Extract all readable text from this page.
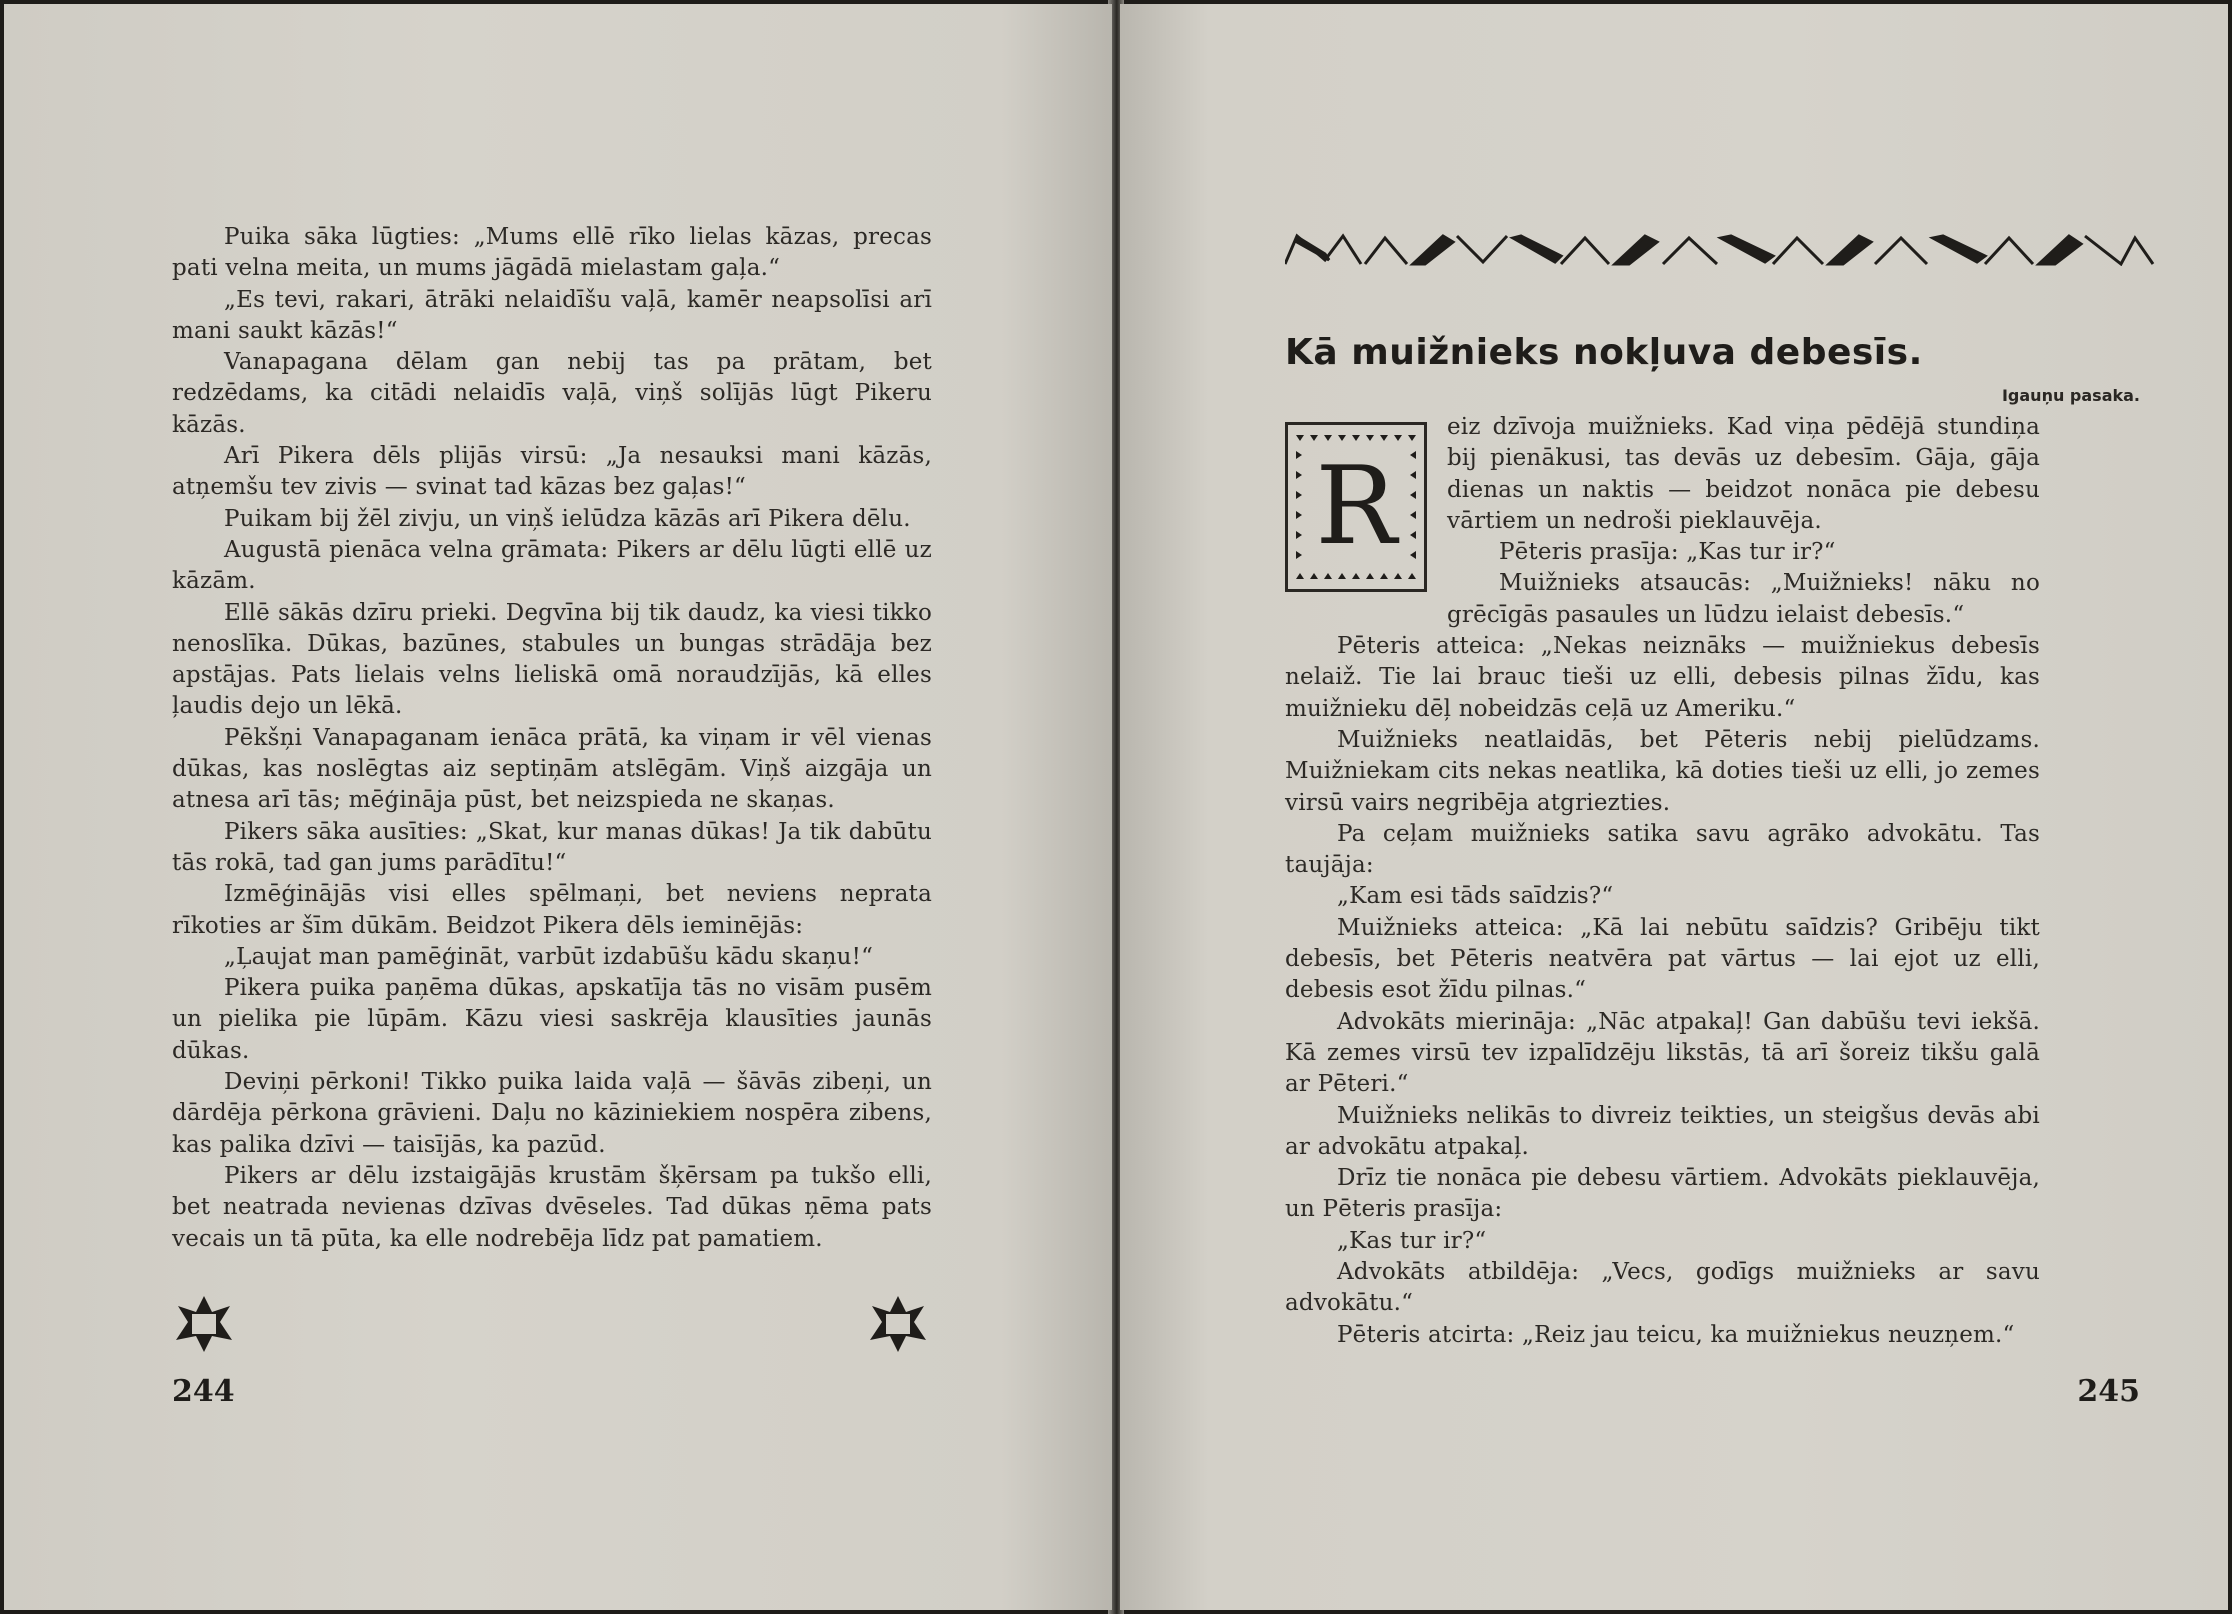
Puika sāka lūgties: „Mums ellē rīko lielas kāzas, precas pati velna meita, un mums jāgādā mielastam gaļa.“

„Es tevi, rakari, ātrāki nelaidīšu vaļā, kamēr neapsolīsi arī mani saukt kāzās!“

Vanapagana dēlam gan nebij tas pa prātam, bet redzēdams, ka citādi nelaidīs vaļā, viņš solījās lūgt Pikeru kāzās.

Arī Pikera dēls plijās virsū: „Ja nesauksi mani kāzās, atņemšu tev zivis — svinat tad kāzas bez gaļas!“

Puikam bij žēl zivju, un viņš ielūdza kāzās arī Pikera dēlu.

Augustā pienāca velna grāmata: Pikers ar dēlu lūgti ellē uz kāzām.

Ellē sākās dzīru prieki. Degvīna bij tik daudz, ka viesi tikko nenoslīka. Dūkas, bazūnes, stabules un bungas strādāja bez apstājas. Pats lielais velns lieliskā omā noraudzījās, kā elles ļaudis dejo un lēkā.

Pēkšņi Vanapaganam ienāca prātā, ka viņam ir vēl vienas dūkas, kas noslēgtas aiz septiņām atslēgām. Viņš aizgāja un atnesa arī tās; mēģināja pūst, bet neizspieda ne skaņas.

Pikers sāka ausīties: „Skat, kur manas dūkas! Ja tik dabūtu tās rokā, tad gan jums parādītu!“

Izmēģinājās visi elles spēlmaņi, bet neviens neprata rīkoties ar šīm dūkām. Beidzot Pikera dēls ieminējās:

„Ļaujat man pamēģināt, varbūt izdabūšu kādu skaņu!“

Pikera puika paņēma dūkas, apskatīja tās no visām pusēm un pielika pie lūpām. Kāzu viesi saskrēja klausīties jaunās dūkas.

Deviņi pērkoni! Tikko puika laida vaļā — šāvās zibeņi, un dārdēja pērkona grāvieni. Daļu no kāziniekiem nospēra zibens, kas palika dzīvi — taisījās, ka pazūd.

Pikers ar dēlu izstaigājās krustām šķērsam pa tukšo elli, bet neatrada nevienas dzīvas dvēseles. Tad dūkas ņēma pats vecais un tā pūta, ka elle nodrebēja līdz pat pamatiem.

244
Kā muižnieks nokļuva debesīs.
Igauņu pasaka.
R

eiz dzīvoja muižnieks. Kad viņa pēdējā stundiņa bij pienākusi, tas devās uz debesīm. Gāja, gāja dienas un naktis — beidzot nonāca pie debesu vārtiem un nedroši pieklauvēja.

Pēteris prasīja: „Kas tur ir?“

Muižnieks atsaucās: „Muižnieks! nāku no grēcīgās pasaules un lūdzu ielaist debesīs.“

Pēteris atteica: „Nekas neiznāks — muižniekus debesīs nelaiž. Tie lai brauc tieši uz elli, debesis pilnas žīdu, kas muižnieku dēļ nobeidzās ceļā uz Ameriku.“

Muižnieks neatlaidās, bet Pēteris nebij pielūdzams. Muižniekam cits nekas neatlika, kā doties tieši uz elli, jo zemes virsū vairs negribēja atgriezties.

Pa ceļam muižnieks satika savu agrāko advokātu. Tas taujāja:

„Kam esi tāds saīdzis?“

Muižnieks atteica: „Kā lai nebūtu saīdzis? Gribēju tikt debesīs, bet Pēteris neatvēra pat vārtus — lai ejot uz elli, debesis esot žīdu pilnas.“

Advokāts mierināja: „Nāc atpakaļ! Gan dabūšu tevi iekšā. Kā zemes virsū tev izpalīdzēju likstās, tā arī šoreiz tikšu galā ar Pēteri.“

Muižnieks nelikās to divreiz teikties, un steigšus devās abi ar advokātu atpakaļ.

Drīz tie nonāca pie debesu vārtiem. Advokāts pieklauvēja, un Pēteris prasīja:

„Kas tur ir?“

Advokāts atbildēja: „Vecs, godīgs muižnieks ar savu advokātu.“

Pēteris atcirta: „Reiz jau teicu, ka muižniekus neuzņem.“

245
